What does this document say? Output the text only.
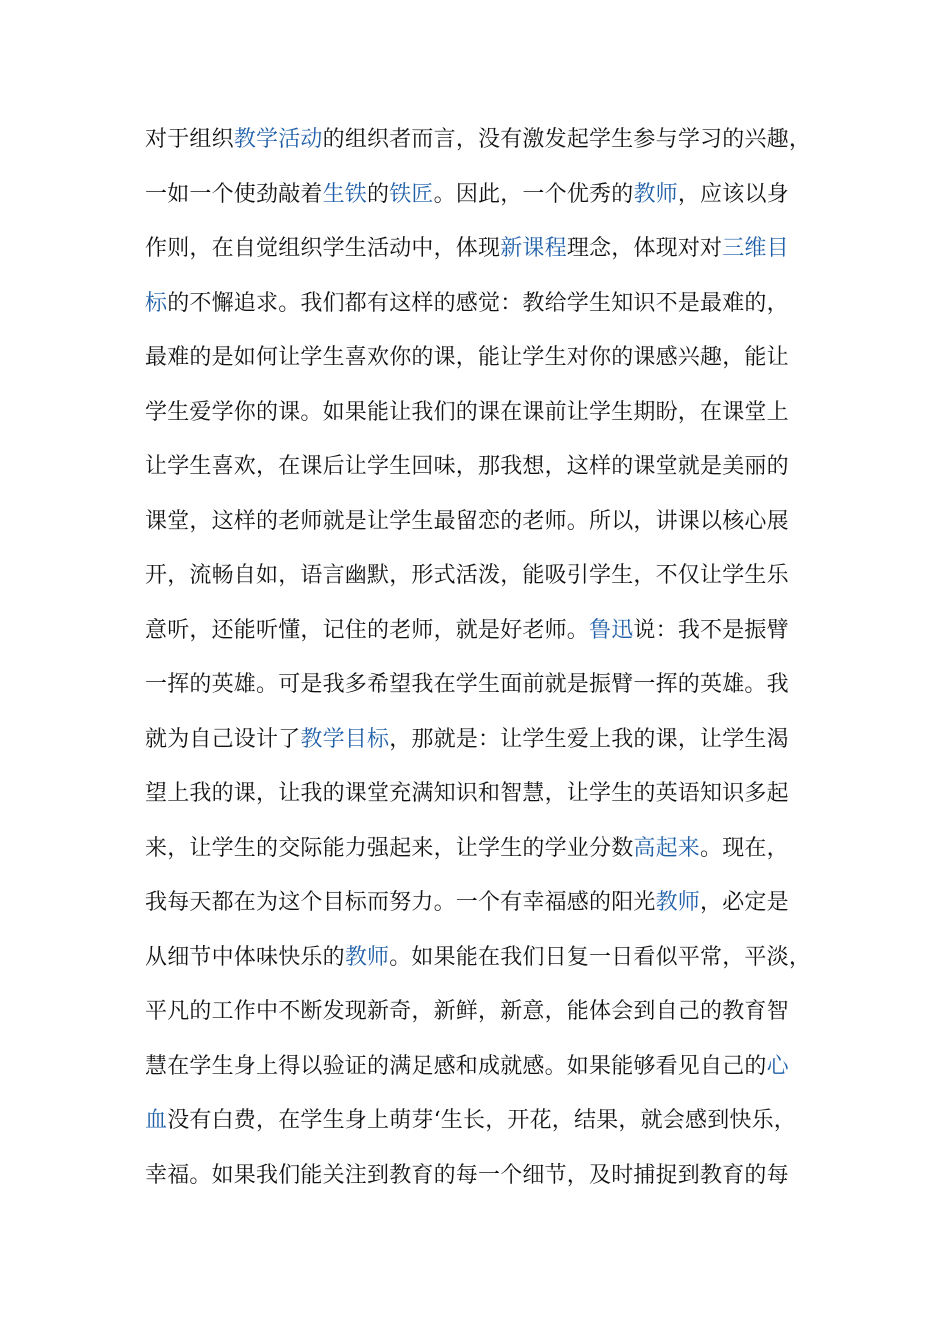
对于组织教学活动的组织者而言，没有激发起学生参与学习的兴趣，
一如一个使劲敲着生铁的铁匠。因此，一个优秀的教师，应该以身
作则，在自觉组织学生活动中，体现新课程理念，体现对对三维目
标的不懈追求。我们都有这样的感觉：教给学生知识不是最难的，
最难的是如何让学生喜欢你的课，能让学生对你的课感兴趣，能让
学生爱学你的课。如果能让我们的课在课前让学生期盼，在课堂上
让学生喜欢，在课后让学生回味，那我想，这样的课堂就是美丽的
课堂，这样的老师就是让学生最留恋的老师。所以，讲课以核心展
开，流畅自如，语言幽默，形式活泼，能吸引学生，不仅让学生乐
意听，还能听懂，记住的老师，就是好老师。鲁迅说：我不是振臂
一挥的英雄。可是我多希望我在学生面前就是振臂一挥的英雄。我
就为自己设计了教学目标，那就是：让学生爱上我的课，让学生渴
望上我的课，让我的课堂充满知识和智慧，让学生的英语知识多起
来，让学生的交际能力强起来，让学生的学业分数高起来。现在，
我每天都在为这个目标而努力。一个有幸福感的阳光教师，必定是
从细节中体味快乐的教师。如果能在我们日复一日看似平常，平淡，
平凡的工作中不断发现新奇，新鲜，新意，能体会到自己的教育智
慧在学生身上得以验证的满足感和成就感。如果能够看见自己的心
血没有白费，在学生身上萌芽‘生长，开花，结果，就会感到快乐，
幸福。如果我们能关注到教育的每一个细节，及时捕捉到教育的每
